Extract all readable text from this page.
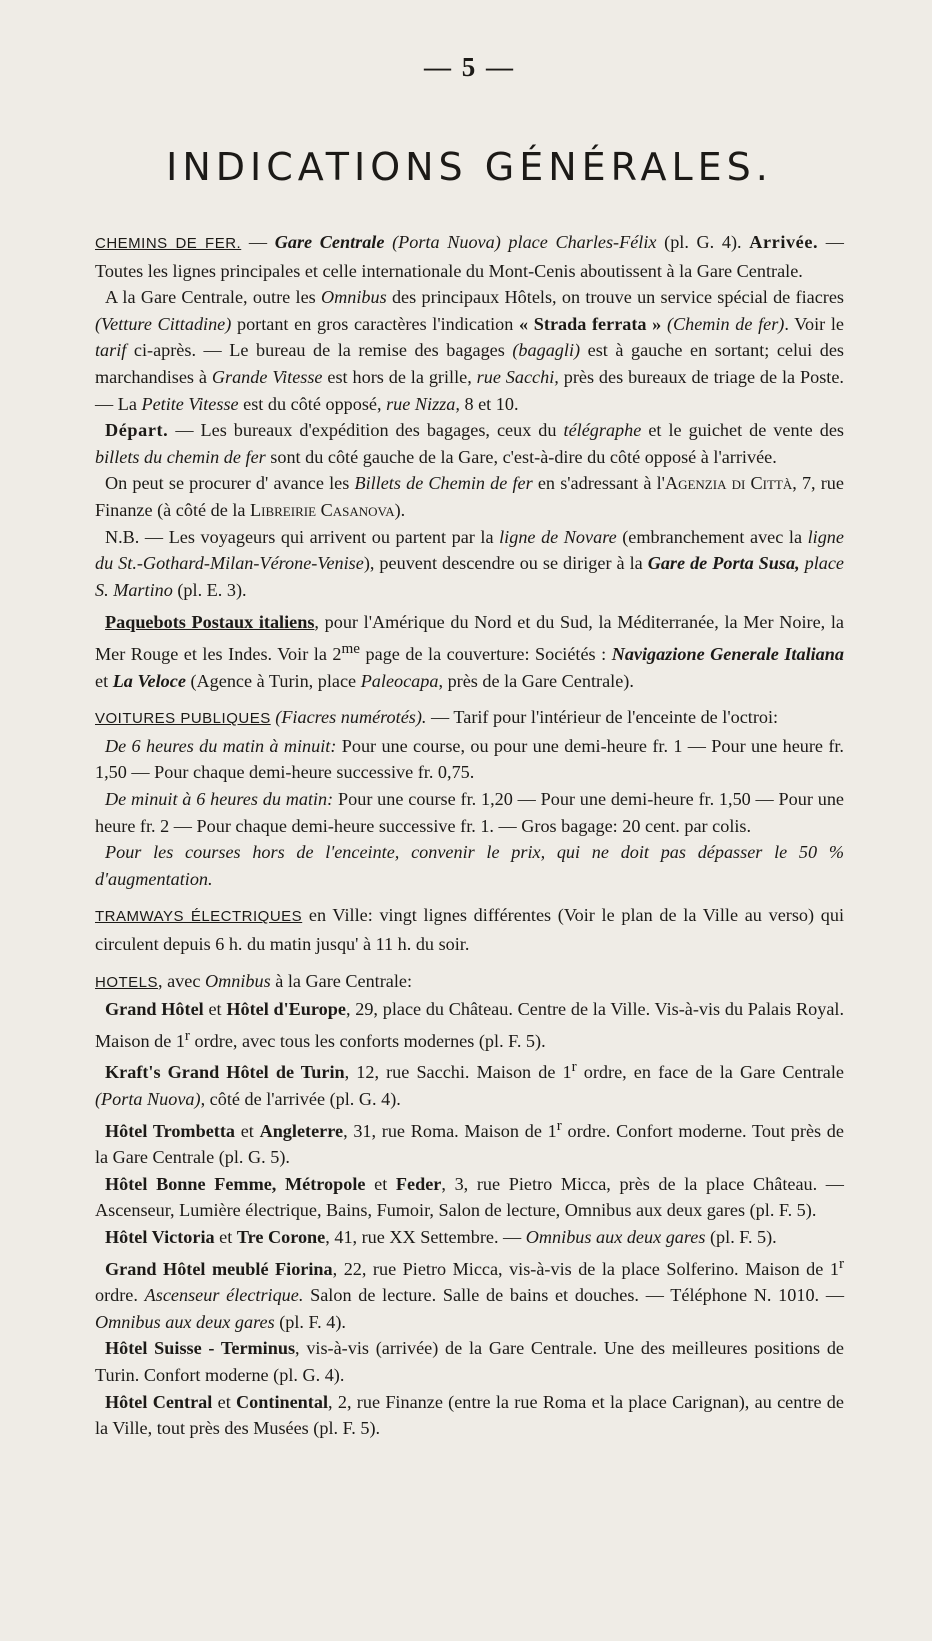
— 5 —
INDICATIONS GÉNÉRALES.

CHEMINS DE FER. — Gare Centrale (Porta Nuova) place Charles-Félix (pl. G. 4). Arrivée. — Toutes les lignes principales et celle internationale du Mont-Cenis aboutissent à la Gare Centrale.

A la Gare Centrale, outre les Omnibus des principaux Hôtels, on trouve un service spécial de fiacres (Vetture Cittadine) portant en gros caractères l'indication « Strada ferrata » (Chemin de fer). Voir le tarif ci-après. — Le bureau de la remise des bagages (bagagli) est à gauche en sortant; celui des marchandises à Grande Vitesse est hors de la grille, rue Sacchi, près des bureaux de triage de la Poste. — La Petite Vitesse est du côté opposé, rue Nizza, 8 et 10.

Départ. — Les bureaux d'expédition des bagages, ceux du télégraphe et le guichet de vente des billets du chemin de fer sont du côté gauche de la Gare, c'est-à-dire du côté opposé à l'arrivée.

On peut se procurer d' avance les Billets de Chemin de fer en s'adressant à l'Agenzia di Città, 7, rue Finanze (à côté de la Libreirie Casanova).

N.B. — Les voyageurs qui arrivent ou partent par la ligne de Novare (embranchement avec la ligne du St.-Gothard-Milan-Vérone-Venise), peuvent descendre ou se diriger à la Gare de Porta Susa, place S. Martino (pl. E. 3).

Paquebots Postaux italiens, pour l'Amérique du Nord et du Sud, la Méditerranée, la Mer Noire, la Mer Rouge et les Indes. Voir la $2^{me}$ page de la couverture: Sociétés : Navigazione Generale Italiana et La Veloce (Agence à Turin, place Paleocapa, près de la Gare Centrale).

VOITURES PUBLIQUES (Fiacres numérotés). — Tarif pour l'intérieur de l'enceinte de l'octroi:

De 6 heures du matin à minuit: Pour une course, ou pour une demi-heure fr. 1 — Pour une heure fr. 1,50 — Pour chaque demi-heure successive fr. 0,75.

De minuit à 6 heures du matin: Pour une course fr. 1,20 — Pour une demi-heure fr. 1,50 — Pour une heure fr. 2 — Pour chaque demi-heure successive fr. 1. — Gros bagage: 20 cent. par colis.

Pour les courses hors de l'enceinte, convenir le prix, qui ne doit pas dépasser le 50 % d'augmentation.

TRAMWAYS ÉLECTRIQUES en Ville: vingt lignes différentes (Voir le plan de la Ville au verso) qui circulent depuis 6 h. du matin jusqu' à 11 h. du soir.

HOTELS, avec Omnibus à la Gare Centrale:

Grand Hôtel et Hôtel d'Europe, 29, place du Château. Centre de la Ville. Vis-à-vis du Palais Royal. Maison de 1$^r$ ordre, avec tous les conforts modernes (pl. F. 5).

Kraft's Grand Hôtel de Turin, 12, rue Sacchi. Maison de 1$^r$ ordre, en face de la Gare Centrale (Porta Nuova), côté de l'arrivée (pl. G. 4).

Hôtel Trombetta et Angleterre, 31, rue Roma. Maison de 1$^r$ ordre. Confort moderne. Tout près de la Gare Centrale (pl. G. 5).

Hôtel Bonne Femme, Métropole et Feder, 3, rue Pietro Micca, près de la place Château. — Ascenseur, Lumière électrique, Bains, Fumoir, Salon de lecture, Omnibus aux deux gares (pl. F. 5).

Hôtel Victoria et Tre Corone, 41, rue XX Settembre. — Omnibus aux deux gares (pl. F. 5).

Grand Hôtel meublé Fiorina, 22, rue Pietro Micca, vis-à-vis de la place Solferino. Maison de 1$^r$ ordre. Ascenseur électrique. Salon de lecture. Salle de bains et douches. — Téléphone N. 1010. — Omnibus aux deux gares (pl. F. 4).

Hôtel Suisse - Terminus, vis-à-vis (arrivée) de la Gare Centrale. Une des meilleures positions de Turin. Confort moderne (pl. G. 4).

Hôtel Central et Continental, 2, rue Finanze (entre la rue Roma et la place Carignan), au centre de la Ville, tout près des Musées (pl. F. 5).
